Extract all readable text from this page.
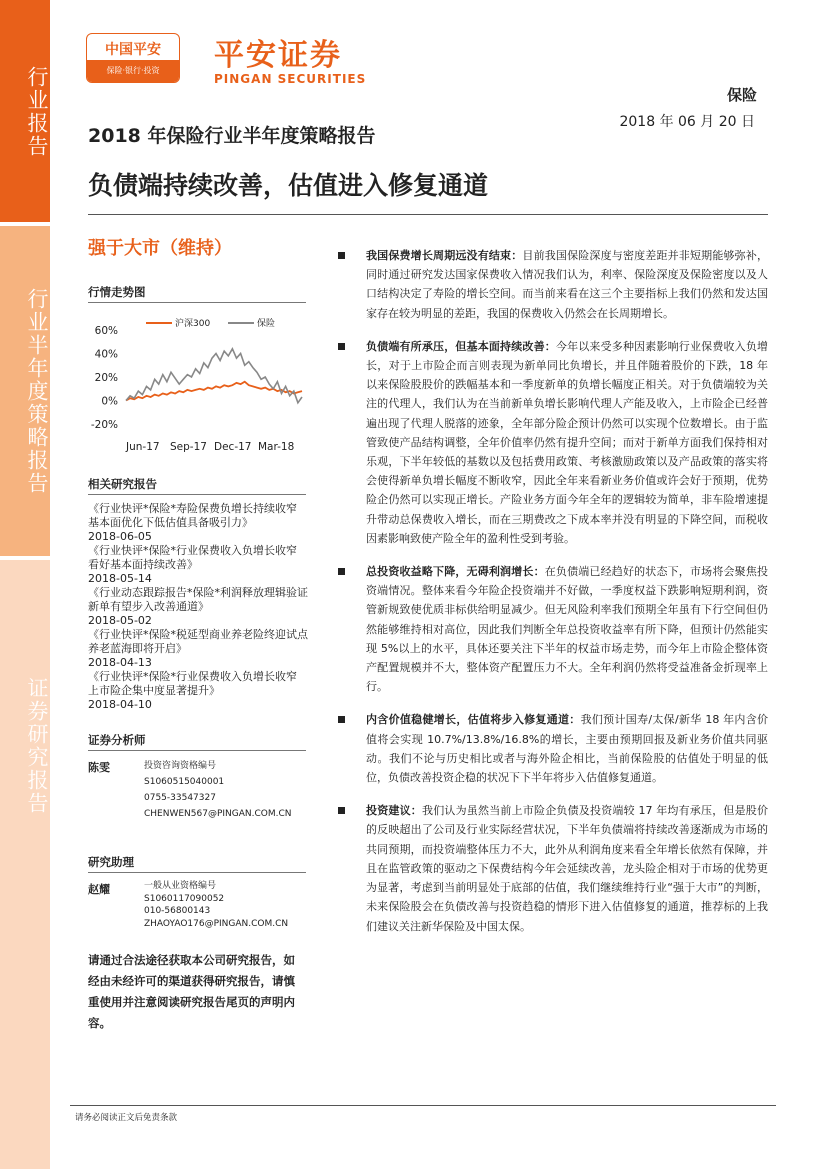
行业报告
行业半年度策略报告
证券研究报告
中国平安
保险·银行·投资	平安证券
PINGAN SECURITIES
保险
2018 年 06 月 20 日
2018 年保险行业半年度策略报告
负债端持续改善，估值进入修复通道
强于大市（维持）
行情走势图
60%
40%
20%
0%
-20%
Jun-17 Sep-17 Dec-17 Mar-18
沪深300	保险
相关研究报告
《行业快评*保险*寿险保费负增长持续收窄 基本面优化下低估值具备吸引力》
2018-06-05
《行业快评*保险*行业保费收入负增长收窄 看好基本面持续改善》
2018-05-14
《行业动态跟踪报告*保险*利润释放理辑验证 新单有望步入改善通道》
2018-05-02
《行业快评*保险*税延型商业养老险终迎试点 养老蓝海即将开启》
2018-04-13
《行业快评*保险*行业保费收入负增长收窄 上市险企集中度显著提升》
2018-04-10
证券分析师
陈雯	投资咨询资格编号
S1060515040001
0755-33547327
CHENWEN567@PINGAN.COM.CN
研究助理
赵耀	一般从业资格编号
S1060117090052
010-56800143
ZHAOYAO176@PINGAN.COM.CN
请通过合法途径获取本公司研究报告，如经由未经许可的渠道获得研究报告，请慎重使用并注意阅读研究报告尾页的声明内容。
我国保费增长周期远没有结束：目前我国保险深度与密度差距并非短期能够弥补，同时通过研究发达国家保费收入情况我们认为，利率、保险深度及保险密度以及人口结构决定了寿险的增长空间。而当前来看在这三个主要指标上我们仍然和发达国家存在较为明显的差距，我国的保费收入仍然会在长周期增长。
负债端有所承压，但基本面持续改善：今年以来受多种因素影响行业保费收入负增长，对于上市险企而言则表现为新单同比负增长，并且伴随着股价的下跌，18 年以来保险股股价的跌幅基本和一季度新单的负增长幅度正相关。对于负债端较为关注的代理人，我们认为在当前新单负增长影响代理人产能及收入，上市险企已经普遍出现了代理人脱落的迹象，全年部分险企预计仍然可以实现个位数增长。由于监管致使产品结构调整，全年价值率仍然有提升空间；而对于新单方面我们保持相对乐观，下半年较低的基数以及包括费用政策、考核激励政策以及产品政策的落实将会使得新单负增长幅度不断收窄，因此全年来看新业务价值或许会好于预期，优势险企仍然可以实现正增长。产险业务方面今年全年的逻辑较为简单，非车险增速提升带动总保费收入增长，而在三期费改之下成本率并没有明显的下降空间，而税收因素影响致使产险全年的盈利性受到考验。
总投资收益略下降，无碍利润增长：在负债端已经趋好的状态下，市场将会聚焦投资端情况。整体来看今年险企投资端并不好做，一季度权益下跌影响短期利润，资管新规致使优质非标供给明显减少。但无风险利率我们预期全年虽有下行空间但仍然能够维持相对高位，因此我们判断全年总投资收益率有所下降，但预计仍然能实现 5%以上的水平，具体还要关注下半年的权益市场走势，而今年上市险企整体资产配置规模并不大，整体资产配置压力不大。全年利润仍然将受益准备金折现率上行。
内含价值稳健增长，估值将步入修复通道：我们预计国寿/太保/新华 18 年内含价值将会实现 10.7%/13.8%/16.8%的增长，主要由预期回报及新业务价值共同驱动。我们不论与历史相比或者与海外险企相比，当前保险股的估值处于明显的低位，负债改善投资企稳的状况下下半年将步入估值修复通道。
投资建议：我们认为虽然当前上市险企负债及投资端较 17 年均有承压，但是股价的反映超出了公司及行业实际经营状况，下半年负债端将持续改善逐渐成为市场的共同预期，而投资端整体压力不大，此外从利润角度来看全年增长依然有保障，并且在监管政策的驱动之下保费结构今年会延续改善，龙头险企相对于市场的优势更为显著，考虑到当前明显处于底部的估值，我们继续维持行业“强于大市”的判断，未来保险股会在负债改善与投资趋稳的情形下进入估值修复的通道，推荐标的上我们建议关注新华保险及中国太保。
请务必阅读正文后免责条款
